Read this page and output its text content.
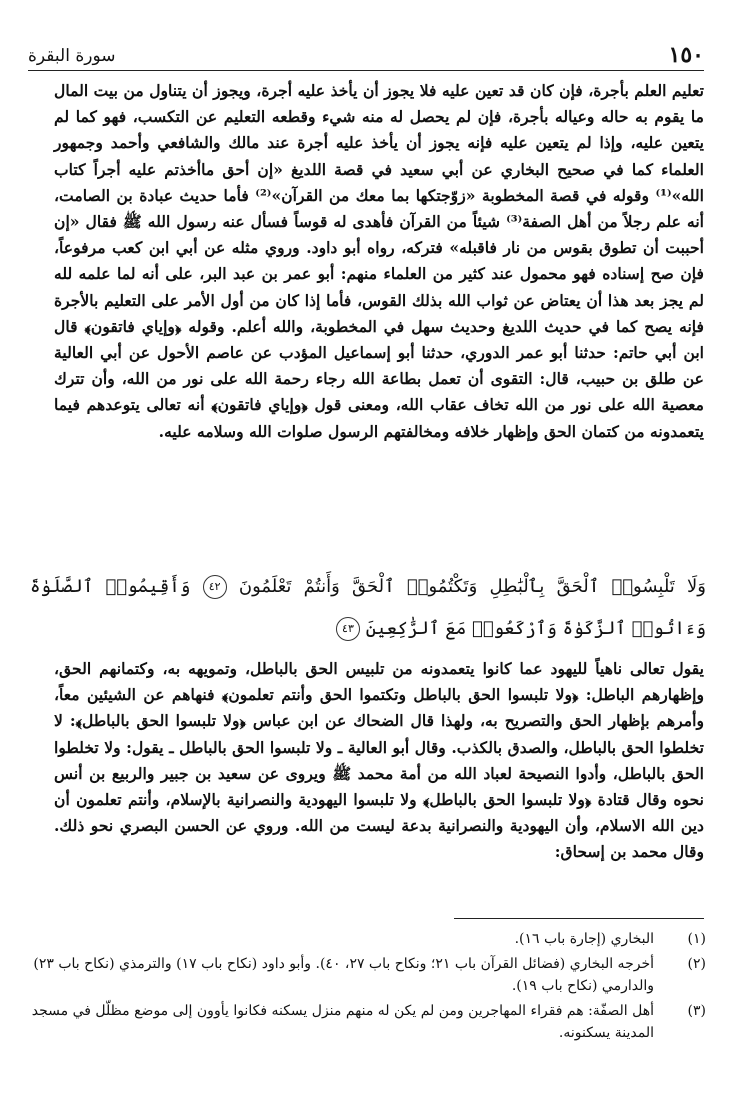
١٥٠
سورة البقرة

تعليم العلم بأجرة، فإن كان قد تعين عليه فلا يجوز أن يأخذ عليه أجرة، ويجوز أن يتناول من بيت المال ما يقوم به حاله وعياله بأجرة، فإن لم يحصل له منه شيء وقطعه التعليم عن التكسب، فهو كما لم يتعين عليه، وإذا لم يتعين عليه فإنه يجوز أن يأخذ عليه أجرة عند مالك والشافعي وأحمد وجمهور العلماء كما في صحيح البخاري عن أبي سعيد في قصة اللديغ «إن أحق ماأخذتم عليه أجراً كتاب الله»⁽¹⁾ وقوله في قصة المخطوبة «زوّجتكها بما معك من القرآن»⁽²⁾ فأما حديث عبادة بن الصامت، أنه علم رجلاً من أهل الصفة⁽³⁾ شيئاً من القرآن فأهدى له قوساً فسأل عنه رسول الله ﷺ فقال «إن أحببت أن تطوق بقوس من نار فاقبله» فتركه، رواه أبو داود. وروي مثله عن أبي ابن كعب مرفوعاً، فإن صح إسناده فهو محمول عند كثير من العلماء منهم: أبو عمر بن عبد البر، على أنه لما علمه لله لم يجز بعد هذا أن يعتاض عن ثواب الله بذلك القوس، فأما إذا كان من أول الأمر على التعليم بالأجرة فإنه يصح كما في حديث اللديغ وحديث سهل في المخطوبة، والله أعلم. وقوله ﴿وإياي فاتقون﴾ قال ابن أبي حاتم: حدثنا أبو عمر الدوري، حدثنا أبو إسماعيل المؤدب عن عاصم الأحول عن أبي العالية عن طلق بن حبيب، قال: التقوى أن تعمل بطاعة الله رجاء رحمة الله على نور من الله، وأن تترك معصية الله على نور من الله تخاف عقاب الله، ومعنى قول ﴿وإياي فاتقون﴾ أنه تعالى يتوعدهم فيما يتعمدونه من كتمان الحق وإظهار خلافه ومخالفتهم الرسول صلوات الله وسلامه عليه.

وَلَا تَلْبِسُوا۟ ٱلْحَقَّ بِٱلْبَٰطِلِ وَتَكْتُمُوا۟ ٱلْحَقَّ وَأَنتُمْ تَعْلَمُونَ ٤٢ وَأَقِيمُوا۟ ٱلصَّلَوٰةَ وَءَاتُوا۟ ٱلزَّكَوٰةَ وَٱرْكَعُوا۟ مَعَ ٱلرَّٰكِعِينَ ٤٣

يقول تعالى ناهياً لليهود عما كانوا يتعمدونه من تلبيس الحق بالباطل، وتمويهه به، وكتمانهم الحق، وإظهارهم الباطل: ﴿ولا تلبسوا الحق بالباطل وتكتموا الحق وأنتم تعلمون﴾ فنهاهم عن الشيئين معاً، وأمرهم بإظهار الحق والتصريح به، ولهذا قال الضحاك عن ابن عباس ﴿ولا تلبسوا الحق بالباطل﴾: لا تخلطوا الحق بالباطل، والصدق بالكذب. وقال أبو العالية ـ ولا تلبسوا الحق بالباطل ـ يقول: ولا تخلطوا الحق بالباطل، وأدوا النصيحة لعباد الله من أمة محمد ﷺ ويروى عن سعيد بن جبير والربيع بن أنس نحوه وقال قتادة ﴿ولا تلبسوا الحق بالباطل﴾ ولا تلبسوا اليهودية والنصرانية بالإسلام، وأنتم تعلمون أن دين الله الاسلام، وأن اليهودية والنصرانية بدعة ليست من الله. وروي عن الحسن البصري نحو ذلك. وقال محمد بن إسحاق:

(١)
البخاري (إجارة باب ١٦).

(٢)
أخرجه البخاري (فضائل القرآن باب ٢١؛ ونكاح باب ٢٧، ٤٠). وأبو داود (نكاح باب ١٧) والترمذي (نكاح باب ٢٣) والدارمي (نكاح باب ١٩).

(٣)
أهل الصفّة: هم فقراء المهاجرين ومن لم يكن له منهم منزل يسكنه فكانوا يأوون إلى موضع مظلّل في مسجد المدينة يسكنونه.
